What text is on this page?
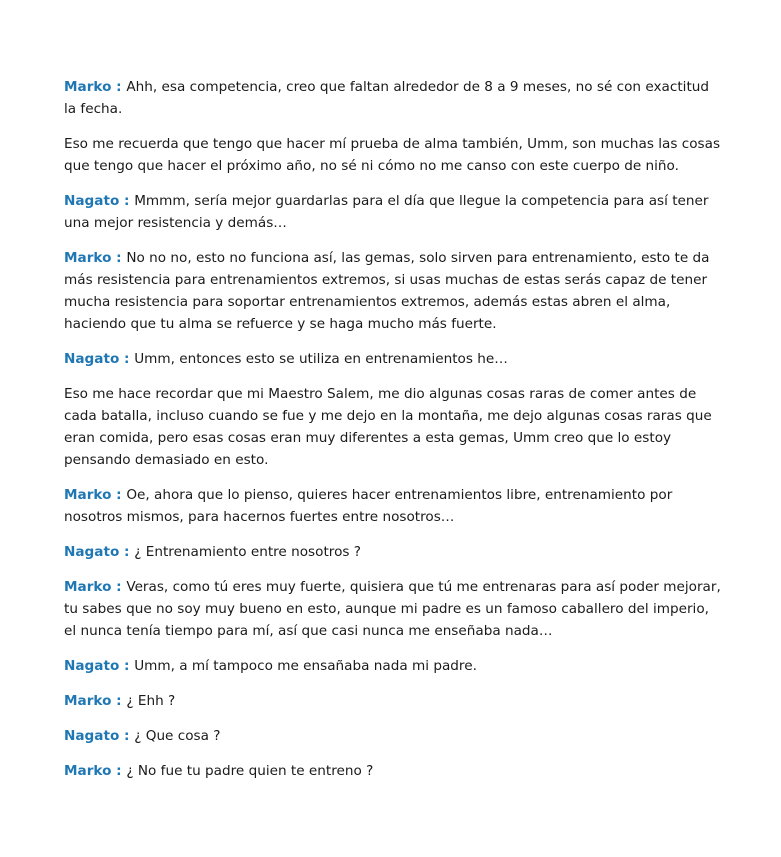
Marko : Ahh, esa competencia, creo que faltan alrededor de 8 a 9 meses, no sé con exactitud la fecha.

Eso me recuerda que tengo que hacer mí prueba de alma también, Umm, son muchas las cosas que tengo que hacer el próximo año, no sé ni cómo no me canso con este cuerpo de niño.

Nagato : Mmmm, sería mejor guardarlas para el día que llegue la competencia para así tener una mejor resistencia y demás…

Marko : No no no, esto no funciona así, las gemas, solo sirven para entrenamiento, esto te da más resistencia para entrenamientos extremos, si usas muchas de estas serás capaz de tener mucha resistencia para soportar entrenamientos extremos, además estas abren el alma, haciendo que tu alma se refuerce y se haga mucho más fuerte.

Nagato : Umm, entonces esto se utiliza en entrenamientos he…

Eso me hace recordar que mi Maestro Salem, me dio algunas cosas raras de comer antes de cada batalla, incluso cuando se fue y me dejo en la montaña, me dejo algunas cosas raras que eran comida, pero esas cosas eran muy diferentes a esta gemas, Umm creo que lo estoy pensando demasiado en esto.

Marko : Oe, ahora que lo pienso, quieres hacer entrenamientos libre, entrenamiento por nosotros mismos, para hacernos fuertes entre nosotros…

Nagato : ¿ Entrenamiento entre nosotros ?

Marko : Veras, como tú eres muy fuerte, quisiera que tú me entrenaras para así poder mejorar, tu sabes que no soy muy bueno en esto, aunque mi padre es un famoso caballero del imperio, el nunca tenía tiempo para mí, así que casi nunca me enseñaba nada…

Nagato : Umm, a mí tampoco me ensañaba nada mi padre.

Marko : ¿ Ehh ?

Nagato : ¿ Que cosa ?

Marko : ¿ No fue tu padre quien te entreno ?
